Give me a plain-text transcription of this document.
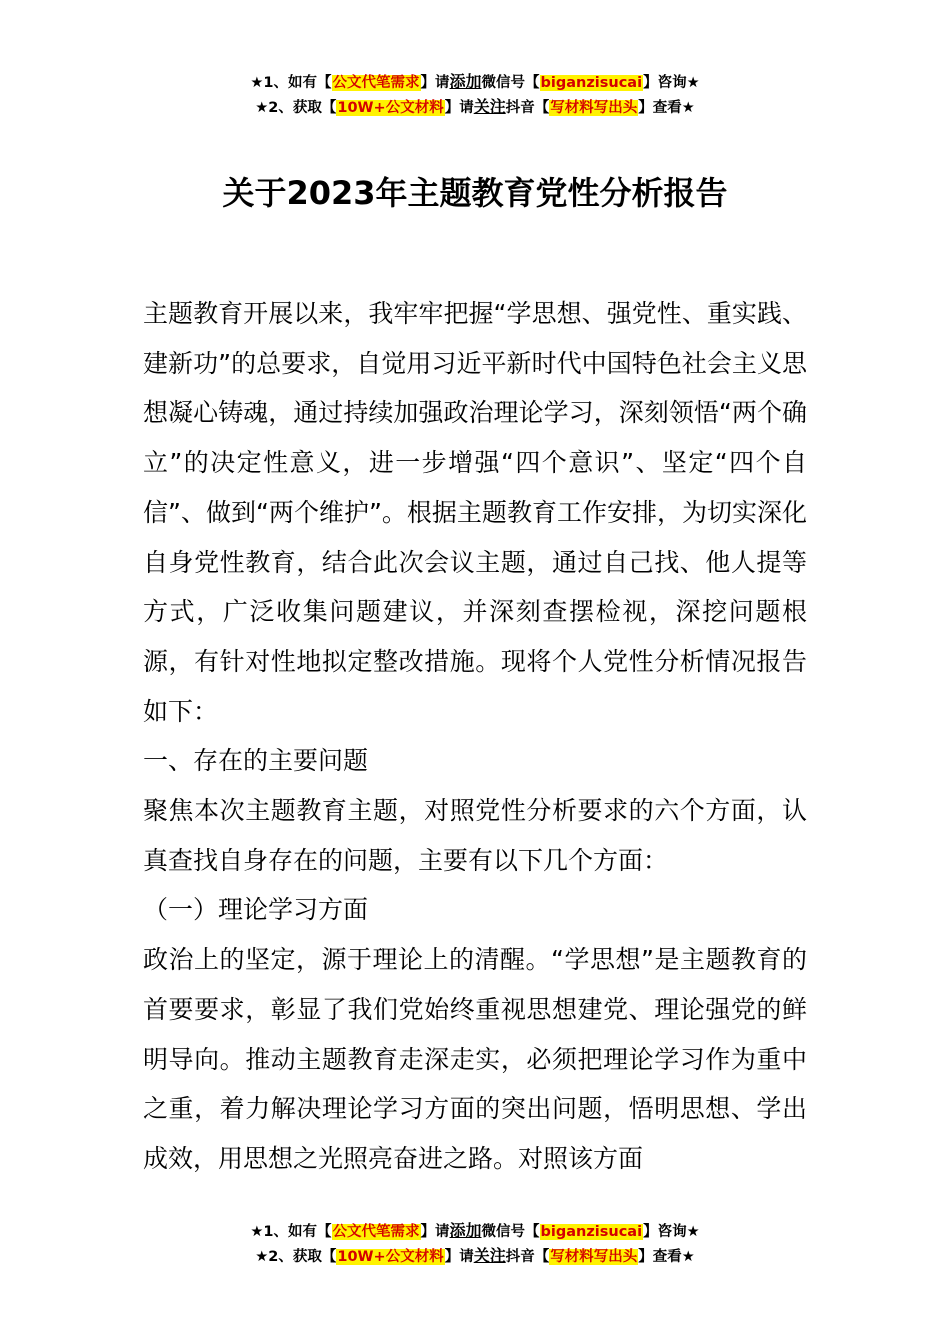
★1、如有【公文代笔需求】请添加微信号【biganzisucai】咨询★
★2、获取【10W+公文材料】请关注抖音【写材料写出头】查看★
关于2023年主题教育党性分析报告

主题教育开展以来，我牢牢把握“学思想、强党性、重实践、建新功”的总要求，自觉用习近平新时代中国特色社会主义思想凝心铸魂，通过持续加强政治理论学习，深刻领悟“两个确立”的决定性意义，进一步增强“四个意识”、坚定“四个自信”、做到“两个维护”。根据主题教育工作安排，为切实深化自身党性教育，结合此次会议主题，通过自己找、他人提等方式，广泛收集问题建议，并深刻查摆检视，深挖问题根源，有针对性地拟定整改措施。现将个人党性分析情况报告如下：

一、存在的主要问题

聚焦本次主题教育主题，对照党性分析要求的六个方面，认真查找自身存在的问题，主要有以下几个方面：

（一）理论学习方面

政治上的坚定，源于理论上的清醒。“学思想”是主题教育的首要要求，彰显了我们党始终重视思想建党、理论强党的鲜明导向。推动主题教育走深走实，必须把理论学习作为重中之重，着力解决理论学习方面的突出问题，悟明思想、学出成效，用思想之光照亮奋进之路。对照该方面

★1、如有【公文代笔需求】请添加微信号【biganzisucai】咨询★
★2、获取【10W+公文材料】请关注抖音【写材料写出头】查看★
